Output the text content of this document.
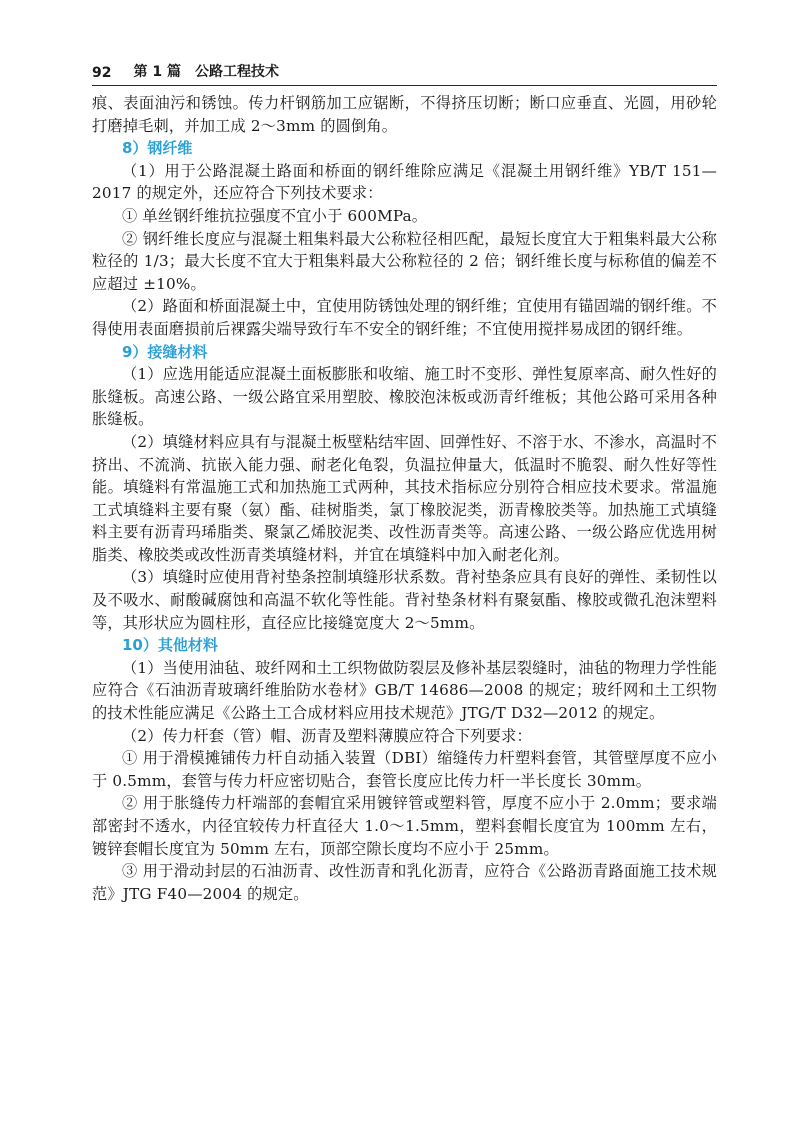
92 第 1 篇 公路工程技术

痕、表面油污和锈蚀。传力杆钢筋加工应锯断，不得挤压切断；断口应垂直、光圆，用砂轮打磨掉毛刺，并加工成 2～3mm 的圆倒角。

8）钢纤维

（1）用于公路混凝土路面和桥面的钢纤维除应满足《混凝土用钢纤维》YB/T 151—2017 的规定外，还应符合下列技术要求：

① 单丝钢纤维抗拉强度不宜小于 600MPa。

② 钢纤维长度应与混凝土粗集料最大公称粒径相匹配，最短长度宜大于粗集料最大公称粒径的 1/3；最大长度不宜大于粗集料最大公称粒径的 2 倍；钢纤维长度与标称值的偏差不应超过 ±10%。

（2）路面和桥面混凝土中，宜使用防锈蚀处理的钢纤维；宜使用有锚固端的钢纤维。不得使用表面磨损前后裸露尖端导致行车不安全的钢纤维；不宜使用搅拌易成团的钢纤维。

9）接缝材料

（1）应选用能适应混凝土面板膨胀和收缩、施工时不变形、弹性复原率高、耐久性好的胀缝板。高速公路、一级公路宜采用塑胶、橡胶泡沫板或沥青纤维板；其他公路可采用各种胀缝板。

（2）填缝材料应具有与混凝土板壁粘结牢固、回弹性好、不溶于水、不渗水，高温时不挤出、不流淌、抗嵌入能力强、耐老化龟裂，负温拉伸量大，低温时不脆裂、耐久性好等性能。填缝料有常温施工式和加热施工式两种，其技术指标应分别符合相应技术要求。常温施工式填缝料主要有聚（氨）酯、硅树脂类，氯丁橡胶泥类，沥青橡胶类等。加热施工式填缝料主要有沥青玛琋脂类、聚氯乙烯胶泥类、改性沥青类等。高速公路、一级公路应优选用树脂类、橡胶类或改性沥青类填缝材料，并宜在填缝料中加入耐老化剂。

（3）填缝时应使用背衬垫条控制填缝形状系数。背衬垫条应具有良好的弹性、柔韧性以及不吸水、耐酸碱腐蚀和高温不软化等性能。背衬垫条材料有聚氨酯、橡胶或微孔泡沫塑料等，其形状应为圆柱形，直径应比接缝宽度大 2～5mm。

10）其他材料

（1）当使用油毡、玻纤网和土工织物做防裂层及修补基层裂缝时，油毡的物理力学性能应符合《石油沥青玻璃纤维胎防水卷材》GB/T 14686—2008 的规定；玻纤网和土工织物的技术性能应满足《公路土工合成材料应用技术规范》JTG/T D32—2012 的规定。

（2）传力杆套（管）帽、沥青及塑料薄膜应符合下列要求：

① 用于滑模摊铺传力杆自动插入装置（DBI）缩缝传力杆塑料套管，其管壁厚度不应小于 0.5mm，套管与传力杆应密切贴合，套管长度应比传力杆一半长度长 30mm。

② 用于胀缝传力杆端部的套帽宜采用镀锌管或塑料管，厚度不应小于 2.0mm；要求端部密封不透水，内径宜较传力杆直径大 1.0～1.5mm，塑料套帽长度宜为 100mm 左右，镀锌套帽长度宜为 50mm 左右，顶部空隙长度均不应小于 25mm。

③ 用于滑动封层的石油沥青、改性沥青和乳化沥青，应符合《公路沥青路面施工技术规范》JTG F40—2004 的规定。
